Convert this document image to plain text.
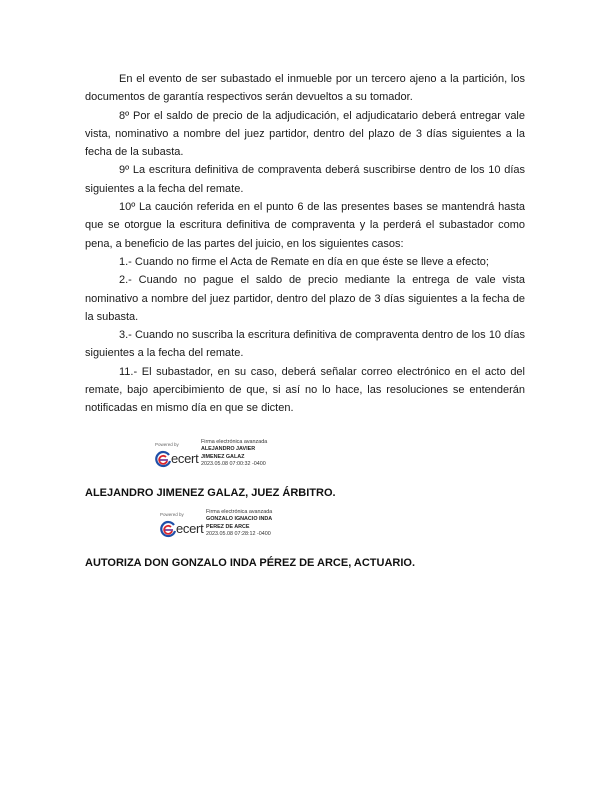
En el evento de ser subastado el inmueble por un tercero ajeno a la partición, los documentos de garantía respectivos serán devueltos a su tomador.

8º Por el saldo de precio de la adjudicación, el adjudicatario deberá entregar vale vista, nominativo a nombre del juez partidor, dentro del plazo de 3 días siguientes a la fecha de la subasta.

9º La escritura definitiva de compraventa deberá suscribirse dentro de los 10 días siguientes a la fecha del remate.

10º La caución referida en el punto 6 de las presentes bases se mantendrá hasta que se otorgue la escritura definitiva de compraventa y la perderá el subastador como pena, a beneficio de las partes del juicio, en los siguientes casos:

1.- Cuando no firme el Acta de Remate en día en que éste se lleve a efecto;

2.- Cuando no pague el saldo de precio mediante la entrega de vale vista nominativo a nombre del juez partidor, dentro del plazo de 3 días siguientes a la fecha de la subasta.

3.- Cuando no suscriba la escritura definitiva de compraventa dentro de los 10 días siguientes a la fecha del remate.

11.- El subastador, en su caso, deberá señalar correo electrónico en el acto del remate, bajo apercibimiento de que, si así no lo hace, las resoluciones se entenderán notificadas en mismo día en que se dicten.

Powered by
ecert
Firma electrónica avanzada
ALEJANDRO JAVIER
JIMENEZ GALAZ
2023.05.08 07:00:32 -0400
ALEJANDRO JIMENEZ GALAZ, JUEZ ÁRBITRO.
Powered by
ecert
Firma electrónica avanzada
GONZALO IGNACIO INDA
PEREZ DE ARCE
2023.05.08 07:28:12 -0400
AUTORIZA DON GONZALO INDA PÉREZ DE ARCE, ACTUARIO.
